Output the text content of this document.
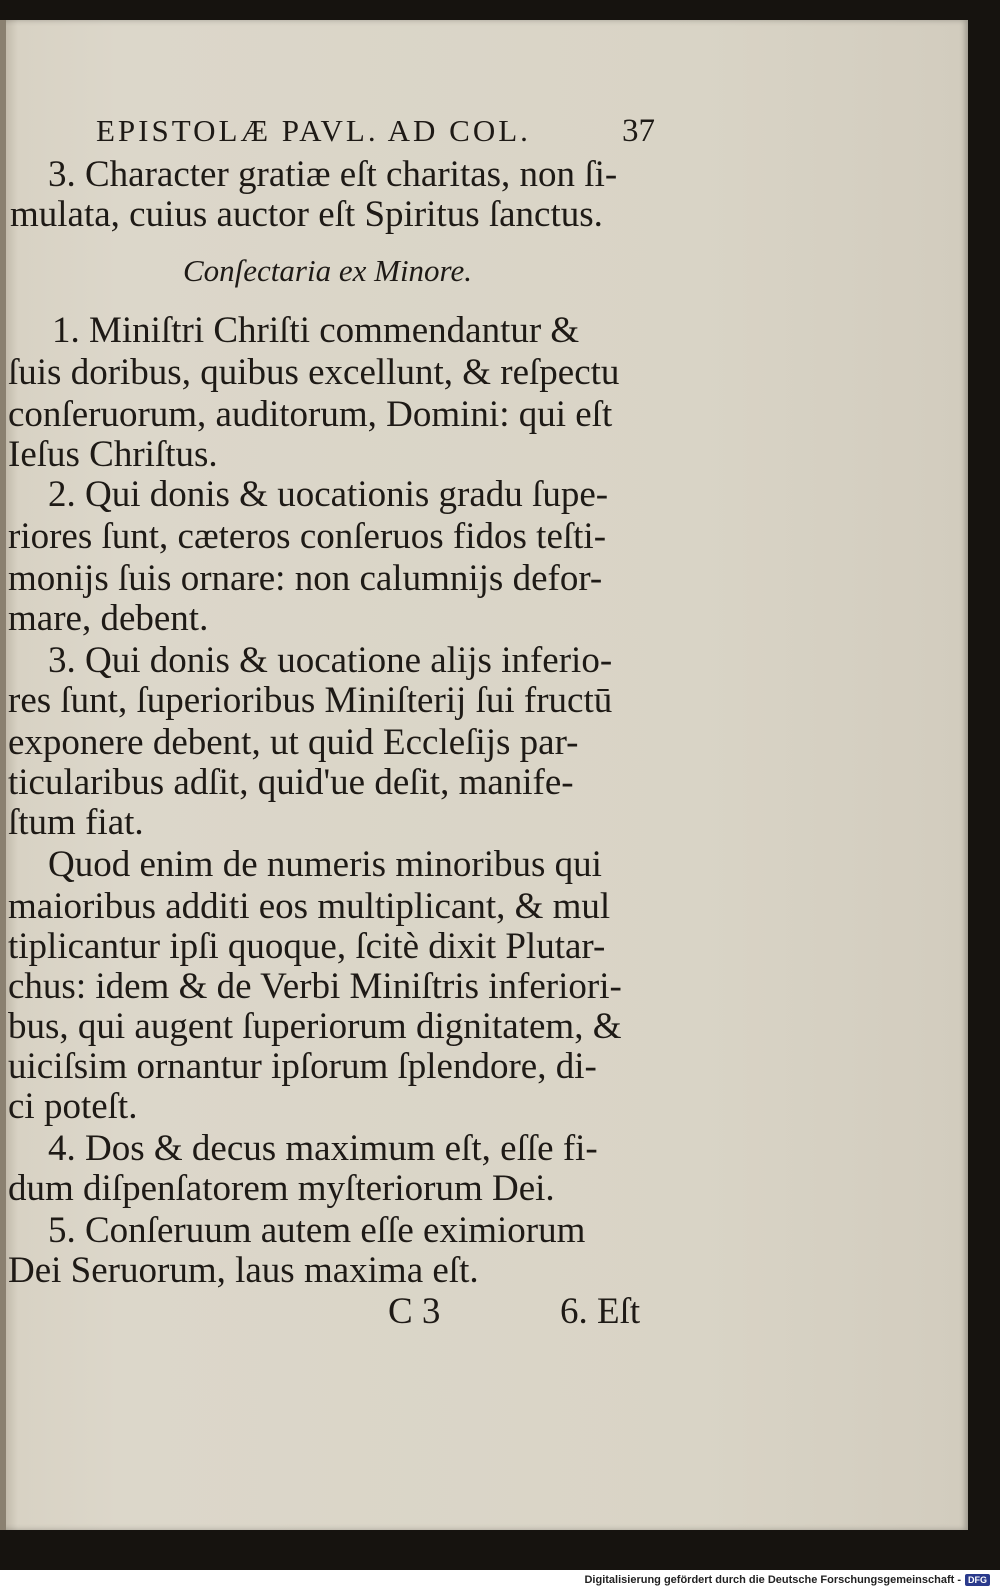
EPISTOLÆ PAVL. AD COL.	37
3. Character gratiæ eſt charitas, non ſi-
mulata, cuius auctor eſt Spiritus ſanctus.
Conſectaria ex Minore.
1. Miniſtri Chriſti commendantur &
ſuis doribus, quibus excellunt, & reſpectu
conſeruorum, auditorum, Domini: qui eſt
Ieſus Chriſtus.
2. Qui donis & uocationis gradu ſupe-
riores ſunt, cæteros conſeruos fidos teſti-
monijs ſuis ornare: non calumnijs defor-
mare, debent.
3. Qui donis & uocatione alijs inferio-
res ſunt, ſuperioribus Miniſterij ſui fructū
exponere debent, ut quid Eccleſijs par-
ticularibus adſit, quid'ue deſit, manife-
ſtum fiat.
Quod enim de numeris minoribus qui
maioribus additi eos multiplicant, & mul
tiplicantur ipſi quoque, ſcitè dixit Plutar-
chus: idem & de Verbi Miniſtris inferiori-
bus, qui augent ſuperiorum dignitatem, &
uiciſsim ornantur ipſorum ſplendore, di-
ci poteſt.
4. Dos & decus maximum eſt, eſſe fi-
dum diſpenſatorem myſteriorum Dei.
5. Conſeruum autem eſſe eximiorum
Dei Seruorum, laus maxima eſt.
C 3	6. Eſt
Digitalisierung gefördert durch die Deutsche Forschungsgemeinschaft - DFG
